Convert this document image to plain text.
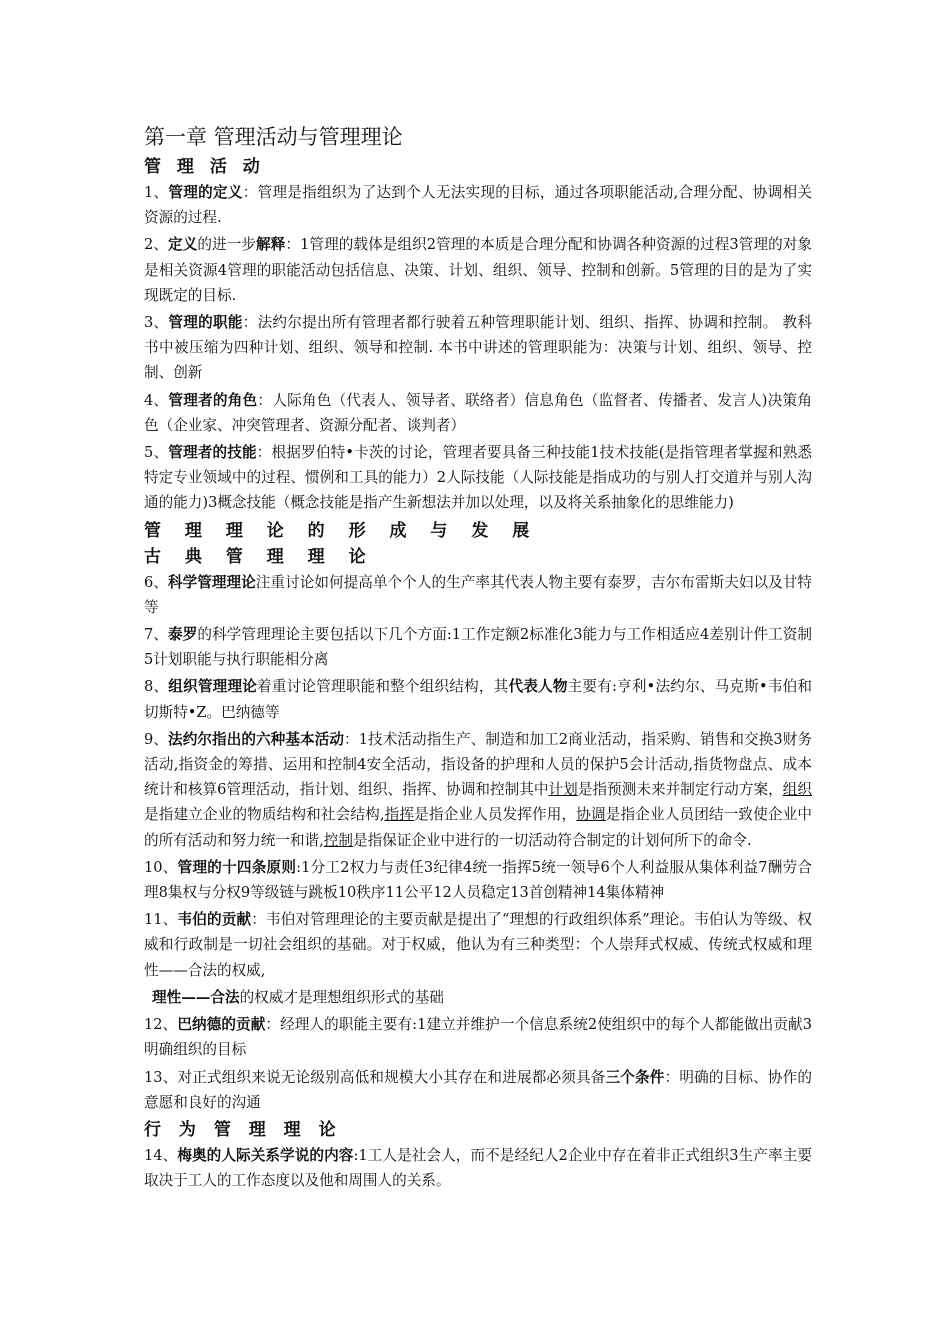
第一章 管理活动与管理理论
管 理 活 动

1、管理的定义：管理是指组织为了达到个人无法实现的目标，通过各项职能活动,合理分配、协调相关资源的过程.

2、定义的进一步解释：1管理的载体是组织2管理的本质是合理分配和协调各种资源的过程3管理的对象是相关资源4管理的职能活动包括信息、决策、计划、组织、领导、控制和创新。5管理的目的是为了实现既定的目标.

3、管理的职能：法约尔提出所有管理者都行驶着五种管理职能计划、组织、指挥、协调和控制。 教科书中被压缩为四种计划、组织、领导和控制. 本书中讲述的管理职能为：决策与计划、组织、领导、控制、创新

4、管理者的角色：人际角色（代表人、领导者、联络者）信息角色（监督者、传播者、发言人)决策角色（企业家、冲突管理者、资源分配者、谈判者）

5、管理者的技能：根据罗伯特•卡茨的讨论，管理者要具备三种技能1技术技能(是指管理者掌握和熟悉特定专业领域中的过程、惯例和工具的能力）2人际技能（人际技能是指成功的与别人打交道并与别人沟通的能力)3概念技能（概念技能是指产生新想法并加以处理，以及将关系抽象化的思维能力)

管 理 理 论 的 形 成 与 发 展
古 典 管 理 理 论

6、科学管理理论注重讨论如何提高单个个人的生产率其代表人物主要有泰罗，吉尔布雷斯夫妇以及甘特等

7、泰罗的科学管理理论主要包括以下几个方面:1工作定额2标准化3能力与工作相适应4差别计件工资制5计划职能与执行职能相分离

8、组织管理理论着重讨论管理职能和整个组织结构，其代表人物主要有:亨利•法约尔、马克斯•韦伯和切斯特•Z。巴纳德等

9、法约尔指出的六种基本活动：1技术活动指生产、制造和加工2商业活动，指采购、销售和交换3财务活动,指资金的筹措、运用和控制4安全活动，指设备的护理和人员的保护5会计活动,指货物盘点、成本统计和核算6管理活动，指计划、组织、指挥、协调和控制其中计划是指预测未来并制定行动方案，组织是指建立企业的物质结构和社会结构,指挥是指企业人员发挥作用，协调是指企业人员团结一致使企业中的所有活动和努力统一和谐,控制是指保证企业中进行的一切活动符合制定的计划何所下的命令.

10、管理的十四条原则:1分工2权力与责任3纪律4统一指挥5统一领导6个人利益服从集体利益7酬劳合理8集权与分权9等级链与跳板10秩序11公平12人员稳定13首创精神14集体精神

11、韦伯的贡献：韦伯对管理理论的主要贡献是提出了“理想的行政组织体系”理论。韦伯认为等级、权威和行政制是一切社会组织的基础。对于权威，他认为有三种类型：个人崇拜式权威、传统式权威和理性——合法的权威,

理性——合法的权威才是理想组织形式的基础

12、巴纳德的贡献：经理人的职能主要有:1建立并维护一个信息系统2使组织中的每个人都能做出贡献3明确组织的目标

13、对正式组织来说无论级别高低和规模大小其存在和进展都必须具备三个条件：明确的目标、协作的意愿和良好的沟通

行 为 管 理 理 论

14、梅奥的人际关系学说的内容:1工人是社会人，而不是经纪人2企业中存在着非正式组织3生产率主要取决于工人的工作态度以及他和周围人的关系。
